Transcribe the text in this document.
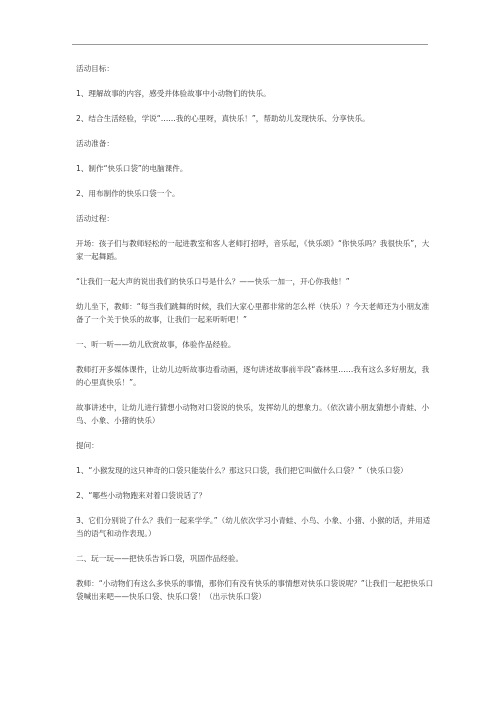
活动目标：

1、理解故事的内容，感受并体验故事中小动物们的快乐。

2、结合生活经验，学说“……我的心里呀，真快乐！”，帮助幼儿发现快乐、分享快乐。

活动准备：

1、制作“快乐口袋”的电脑课件。

2、用布制作的快乐口袋一个。

活动过程：

开场：孩子们与教师轻松的一起进教室和客人老师打招呼，音乐起，《快乐颂》“你快乐吗？我很快乐”，大家一起舞蹈。

“让我们一起大声的说出我们的快乐口号是什么？——快乐一加一，开心你我他！”

幼儿坐下，教师：“每当我们跳舞的时候，我们大家心里都非常的怎么样（快乐）？今天老师还为小朋友准备了一个关于快乐的故事，让我们一起来听听吧！”

一、听一听——幼儿欣赏故事，体验作品经验。

教师打开多媒体课件，让幼儿边听故事边看动画，逐句讲述故事前半段“森林里……我有这么多好朋友，我的心里真快乐！”。

故事讲述中，让幼儿进行猜想小动物对口袋说的快乐，发挥幼儿的想象力。（依次请小朋友猜想小青蛙、小鸟、小象、小猪的快乐）

提问：

1、“小猴发现的这只神奇的口袋只能装什么？那这只口袋，我们把它叫做什么口袋？”（快乐口袋）

2、“哪些小动物跑来对着口袋说话了？

3、它们分别说了什么？我们一起来学学。”（幼儿依次学习小青蛙、小鸟、小象、小猪、小猴的话，并用适当的语气和动作表现。）

二、玩一玩——把快乐告诉口袋，巩固作品经验。

教师：“小动物们有这么多快乐的事情，那你们有没有快乐的事情想对快乐口袋说呢？”让我们一起把快乐口袋喊出来吧——快乐口袋、快乐口袋！（出示快乐口袋）
